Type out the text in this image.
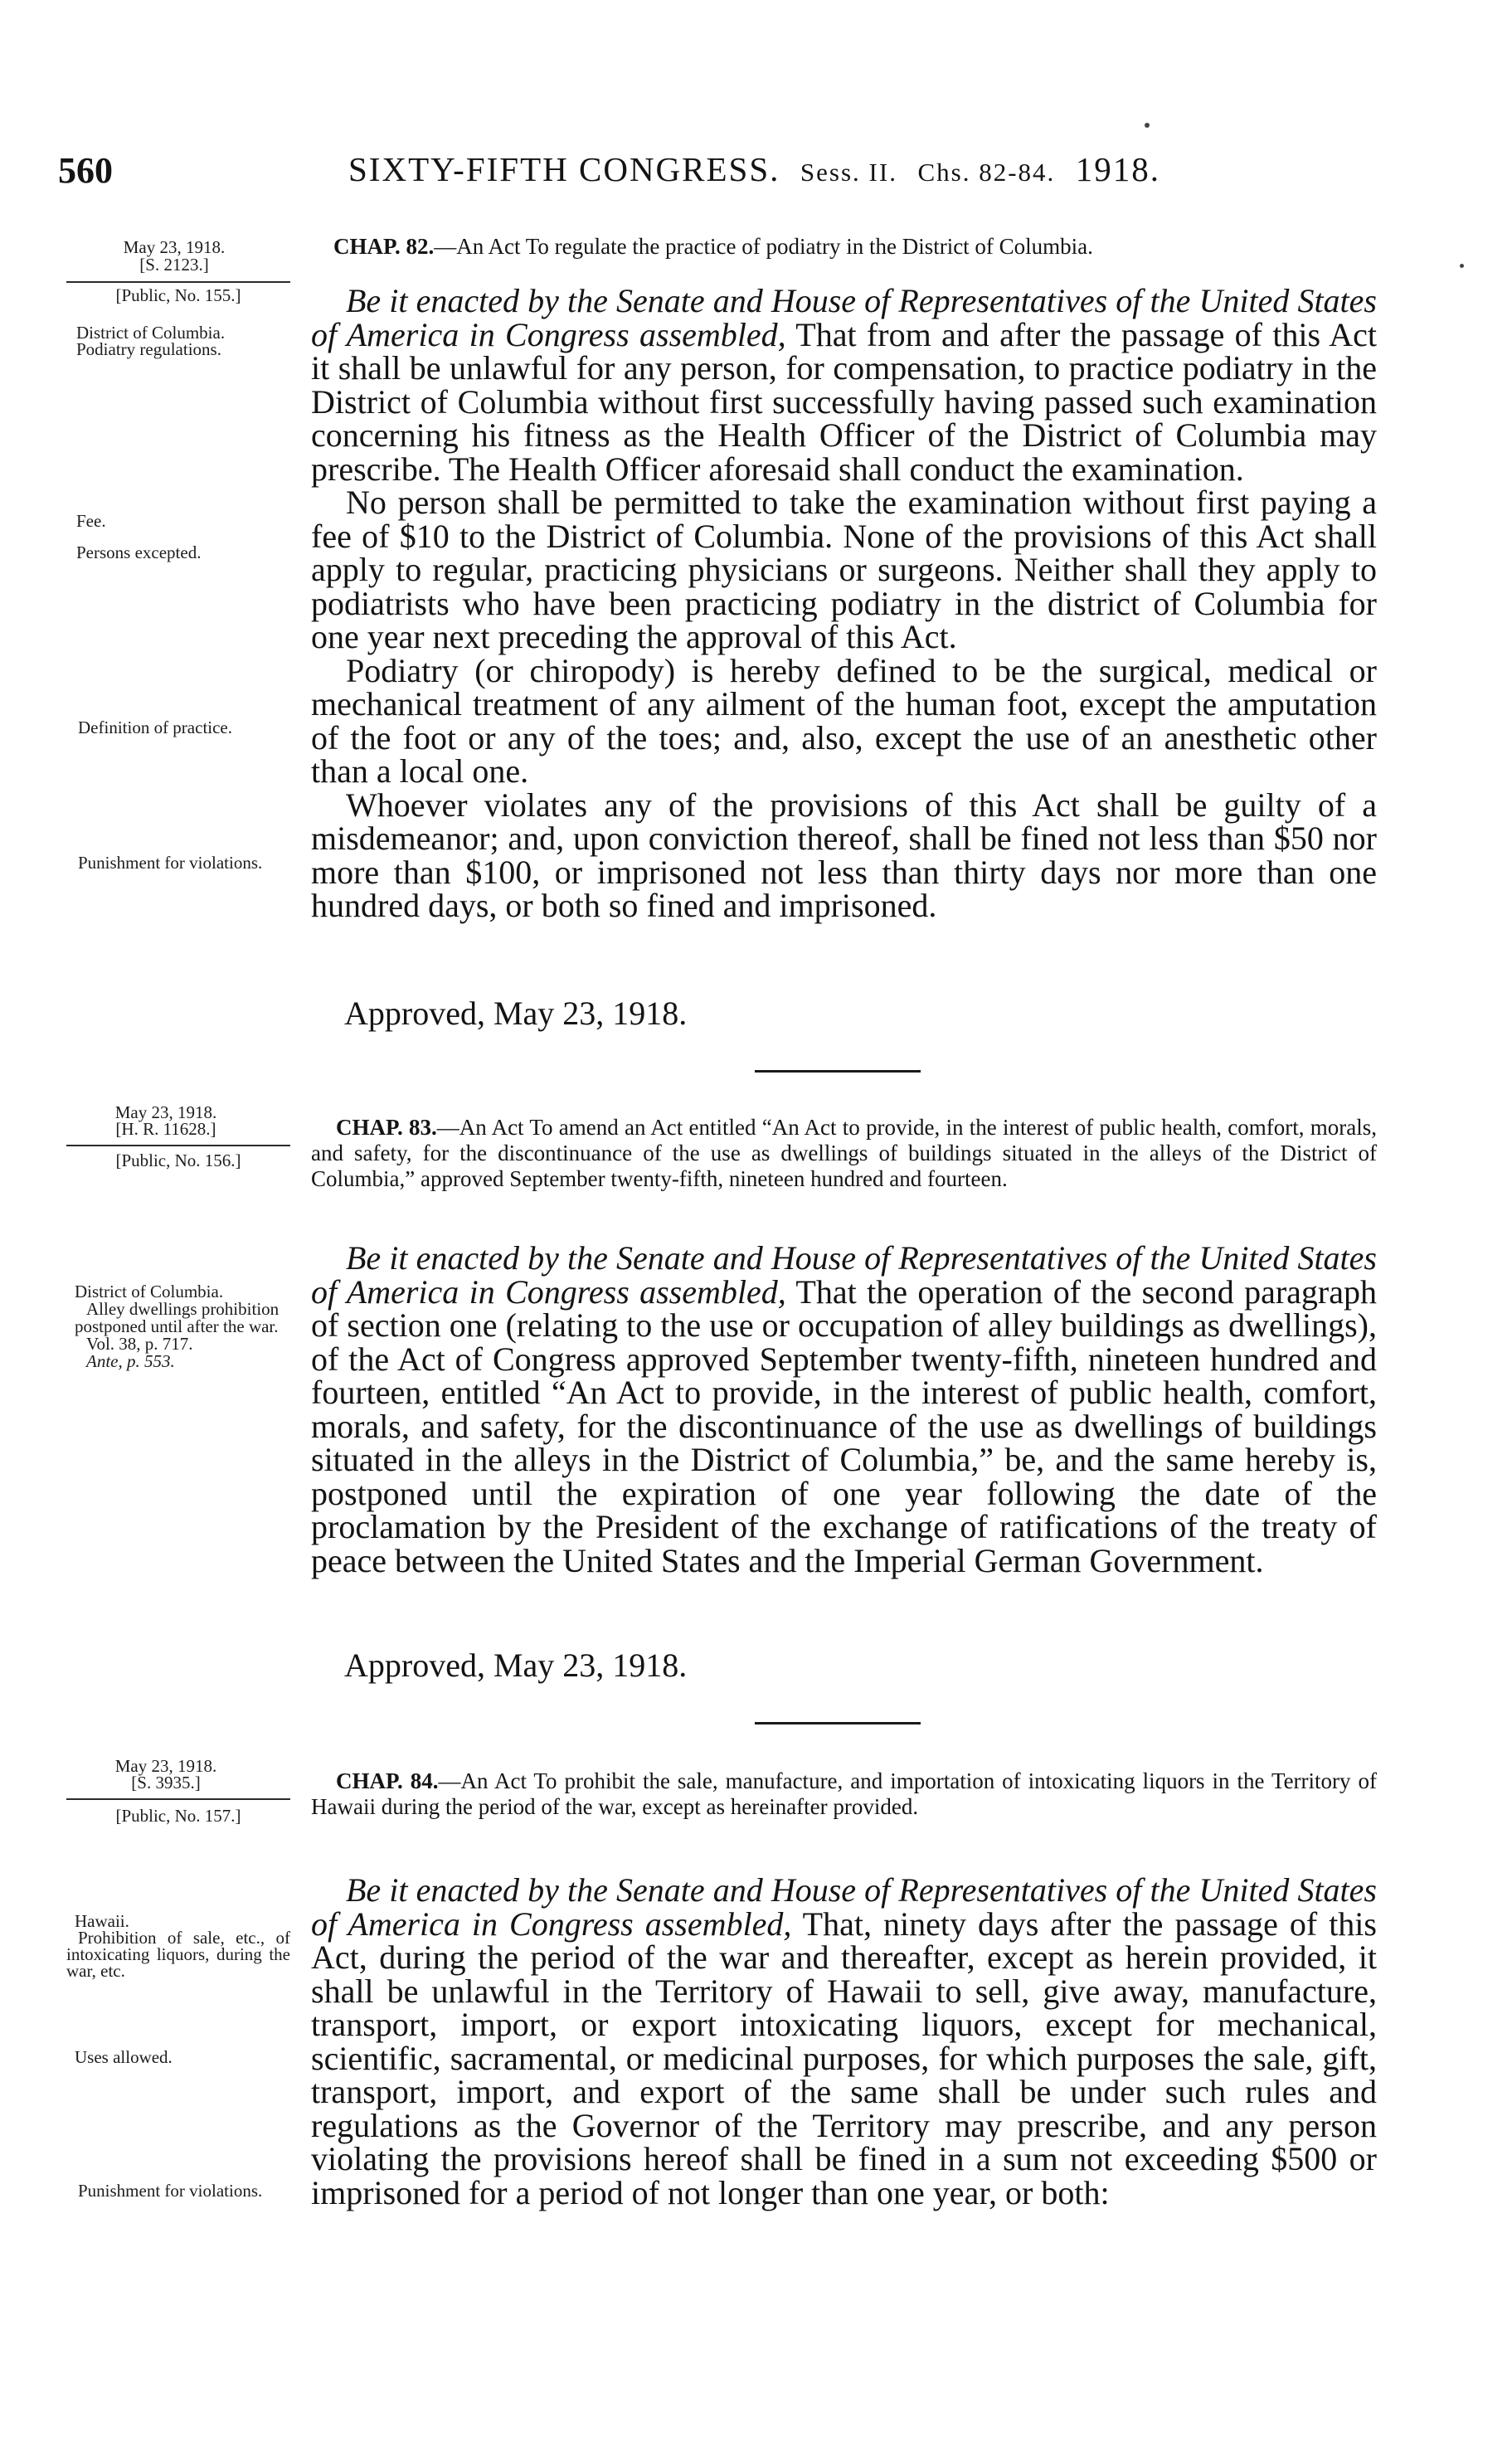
560	SIXTY-FIFTH CONGRESS. Sess. II. Chs. 82-84. 1918.
May 23, 1918.
[S. 2123.]
[Public, No. 155.]
District of Columbia.
Podiatry regulations.
Fee.
Persons excepted.
Definition of practice.
Punishment for violations.
CHAP. 82.—An Act To regulate the practice of podiatry in the District of Columbia.

Be it enacted by the Senate and House of Representatives of the United States of America in Congress assembled, That from and after the passage of this Act it shall be unlawful for any person, for compensation, to practice podiatry in the District of Columbia without first successfully having passed such examination concerning his fitness as the Health Officer of the District of Columbia may prescribe. The Health Officer aforesaid shall conduct the examination.

No person shall be permitted to take the examination without first paying a fee of $10 to the District of Columbia. None of the provisions of this Act shall apply to regular, practicing physicians or surgeons. Neither shall they apply to podiatrists who have been practicing podiatry in the district of Columbia for one year next preceding the approval of this Act.

Podiatry (or chiropody) is hereby defined to be the surgical, medical or mechanical treatment of any ailment of the human foot, except the amputation of the foot or any of the toes; and, also, except the use of an anesthetic other than a local one.

Whoever violates any of the provisions of this Act shall be guilty of a misdemeanor; and, upon conviction thereof, shall be fined not less than $50 nor more than $100, or imprisoned not less than thirty days nor more than one hundred days, or both so fined and imprisoned.

Approved, May 23, 1918.
May 23, 1918.
[H. R. 11628.]
[Public, No. 156.]
District of Columbia.
Alley dwellings prohibition postponed until after the war.
Vol. 38, p. 717.
Ante, p. 553.
CHAP. 83.—An Act To amend an Act entitled “An Act to provide, in the interest of public health, comfort, morals, and safety, for the discontinuance of the use as dwellings of buildings situated in the alleys of the District of Columbia,” approved September twenty-fifth, nineteen hundred and fourteen.

Be it enacted by the Senate and House of Representatives of the United States of America in Congress assembled, That the operation of the second paragraph of section one (relating to the use or occupation of alley buildings as dwellings), of the Act of Congress approved September twenty-fifth, nineteen hundred and fourteen, entitled “An Act to provide, in the interest of public health, comfort, morals, and safety, for the discontinuance of the use as dwellings of buildings situated in the alleys in the District of Columbia,” be, and the same hereby is, postponed until the expiration of one year following the date of the proclamation by the President of the exchange of ratifications of the treaty of peace between the United States and the Imperial German Government.

Approved, May 23, 1918.
May 23, 1918.
[S. 3935.]
[Public, No. 157.]
Hawaii.
Prohibition of sale, etc., of intoxicating liquors, during the war, etc.
Uses allowed.
Punishment for violations.
CHAP. 84.—An Act To prohibit the sale, manufacture, and importation of intoxicating liquors in the Territory of Hawaii during the period of the war, except as hereinafter provided.

Be it enacted by the Senate and House of Representatives of the United States of America in Congress assembled, That, ninety days after the passage of this Act, during the period of the war and thereafter, except as herein provided, it shall be unlawful in the Territory of Hawaii to sell, give away, manufacture, transport, import, or export intoxicating liquors, except for mechanical, scientific, sacramental, or medicinal purposes, for which purposes the sale, gift, transport, import, and export of the same shall be under such rules and regulations as the Governor of the Territory may prescribe, and any person violating the provisions hereof shall be fined in a sum not exceeding $500 or imprisoned for a period of not longer than one year, or both:
